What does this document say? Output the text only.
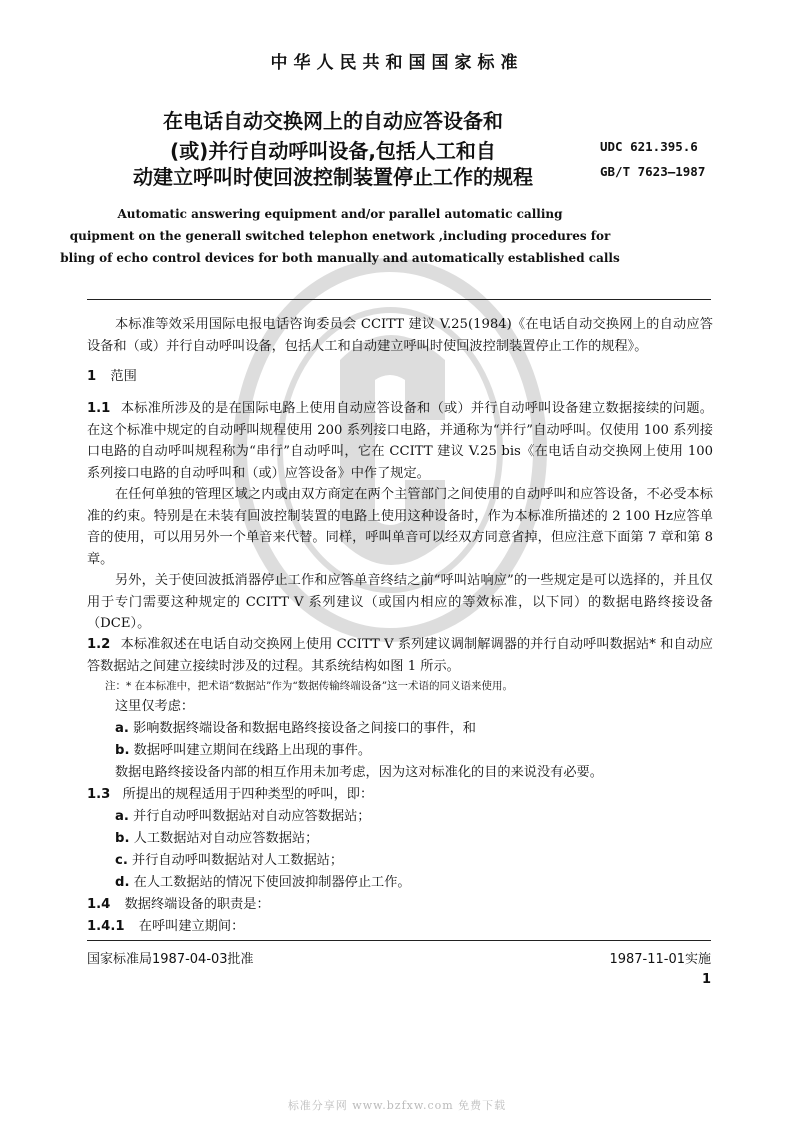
中华人民共和国国家标准
在电话自动交换网上的自动应答设备和
(或)并行自动呼叫设备,包括人工和自
动建立呼叫时使回波控制装置停止工作的规程
UDC 621.395.6
GB/T 7623—1987
Automatic answering equipment and/or parallel automatic calling
quipment on the generall switched telephon enetwork ,including procedures for
bling of echo control devices for both manually and automatically established calls
本标准等效采用国际电报电话咨询委员会 CCITT 建议 V.25(1984)《在电话自动交换网上的自动应答设备和（或）并行自动呼叫设备，包括人工和自动建立呼叫时使回波控制装置停止工作的规程》。
1 范围
1.1 本标准所涉及的是在国际电路上使用自动应答设备和（或）并行自动呼叫设备建立数据接续的问题。在这个标准中规定的自动呼叫规程使用 200 系列接口电路，并通称为“并行”自动呼叫。仅使用 100 系列接口电路的自动呼叫规程称为“串行”自动呼叫，它在 CCITT 建议 V.25 bis《在电话自动交换网上使用 100 系列接口电路的自动呼叫和（或）应答设备》中作了规定。
在任何单独的管理区域之内或由双方商定在两个主管部门之间使用的自动呼叫和应答设备，不必受本标准的约束。特别是在未装有回波控制装置的电路上使用这种设备时，作为本标准所描述的 2 100 Hz应答单音的使用，可以用另外一个单音来代替。同样，呼叫单音可以经双方同意省掉，但应注意下面第 7 章和第 8 章。
另外，关于使回波抵消器停止工作和应答单音终结之前“呼叫站响应”的一些规定是可以选择的，并且仅用于专门需要这种规定的 CCITT V 系列建议（或国内相应的等效标准，以下同）的数据电路终接设备（DCE）。
1.2 本标准叙述在电话自动交换网上使用 CCITT V 系列建议调制解调器的并行自动呼叫数据站* 和自动应答数据站之间建立接续时涉及的过程。其系统结构如图 1 所示。
注：* 在本标准中，把术语“数据站”作为“数据传输终端设备”这一术语的同义语来使用。
这里仅考虑：
a. 影响数据终端设备和数据电路终接设备之间接口的事件，和
b. 数据呼叫建立期间在线路上出现的事件。
数据电路终接设备内部的相互作用未加考虑，因为这对标准化的目的来说没有必要。
1.3 所提出的规程适用于四种类型的呼叫，即：
a. 并行自动呼叫数据站对自动应答数据站；
b. 人工数据站对自动应答数据站；
c. 并行自动呼叫数据站对人工数据站；
d. 在人工数据站的情况下使回波抑制器停止工作。
1.4 数据终端设备的职责是：
1.4.1 在呼叫建立期间：
国家标准局1987-04-03批准	1987-11-01实施
1
标准分享网 www.bzfxw.com 免费下载
